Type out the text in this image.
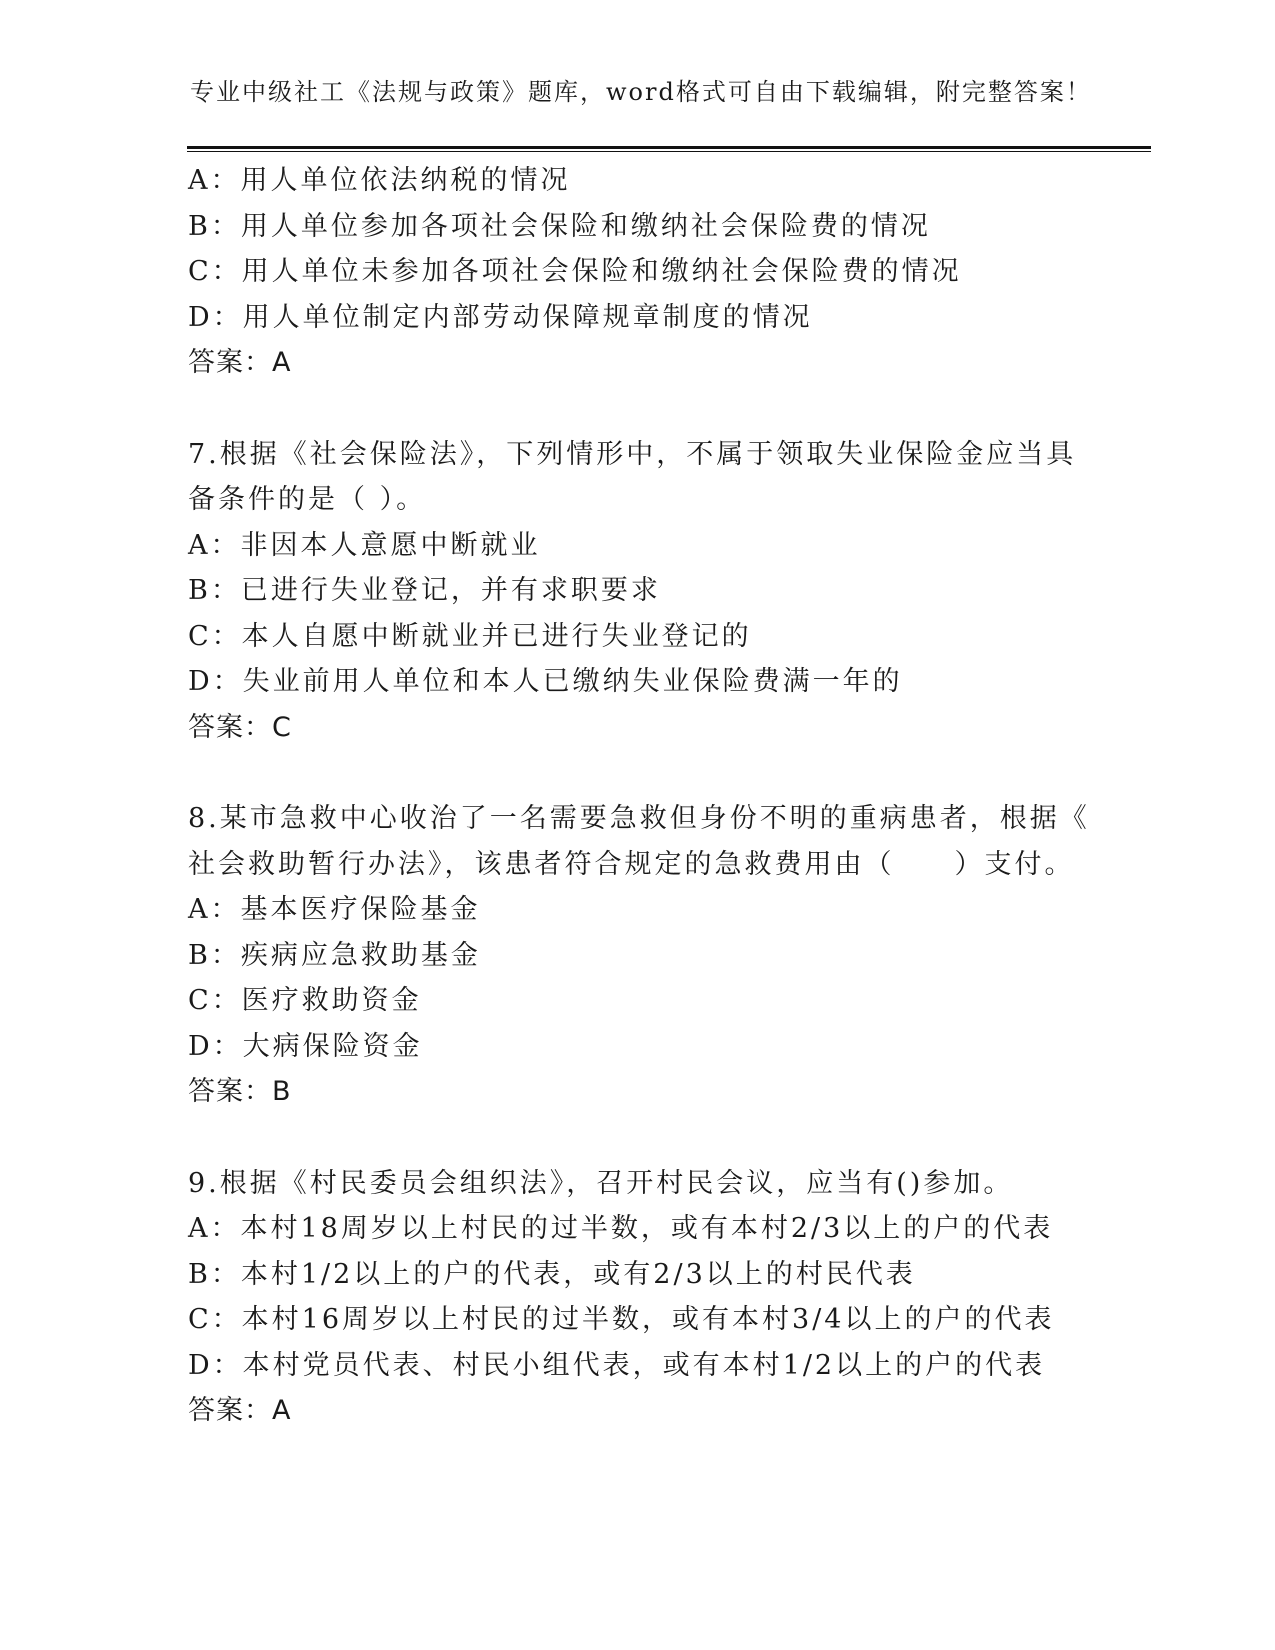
专业中级社工《法规与政策》题库，word格式可自由下载编辑，附完整答案！
A：用人单位依法纳税的情况
B：用人单位参加各项社会保险和缴纳社会保险费的情况
C：用人单位未参加各项社会保险和缴纳社会保险费的情况
D：用人单位制定内部劳动保障规章制度的情况
答案：A
7.根据《社会保险法》，下列情形中，不属于领取失业保险金应当具
备条件的是（ ）。
A：非因本人意愿中断就业
B：已进行失业登记，并有求职要求
C：本人自愿中断就业并已进行失业登记的
D：失业前用人单位和本人已缴纳失业保险费满一年的
答案：C
8.某市急救中心收治了一名需要急救但身份不明的重病患者，根据《
社会救助暂行办法》，该患者符合规定的急救费用由（　　）支付。
A：基本医疗保险基金
B：疾病应急救助基金
C：医疗救助资金
D：大病保险资金
答案：B
9.根据《村民委员会组织法》，召开村民会议，应当有()参加。
A：本村18周岁以上村民的过半数，或有本村2/3以上的户的代表
B：本村1/2以上的户的代表，或有2/3以上的村民代表
C：本村16周岁以上村民的过半数，或有本村3/4以上的户的代表
D：本村党员代表、村民小组代表，或有本村1/2以上的户的代表
答案：A
